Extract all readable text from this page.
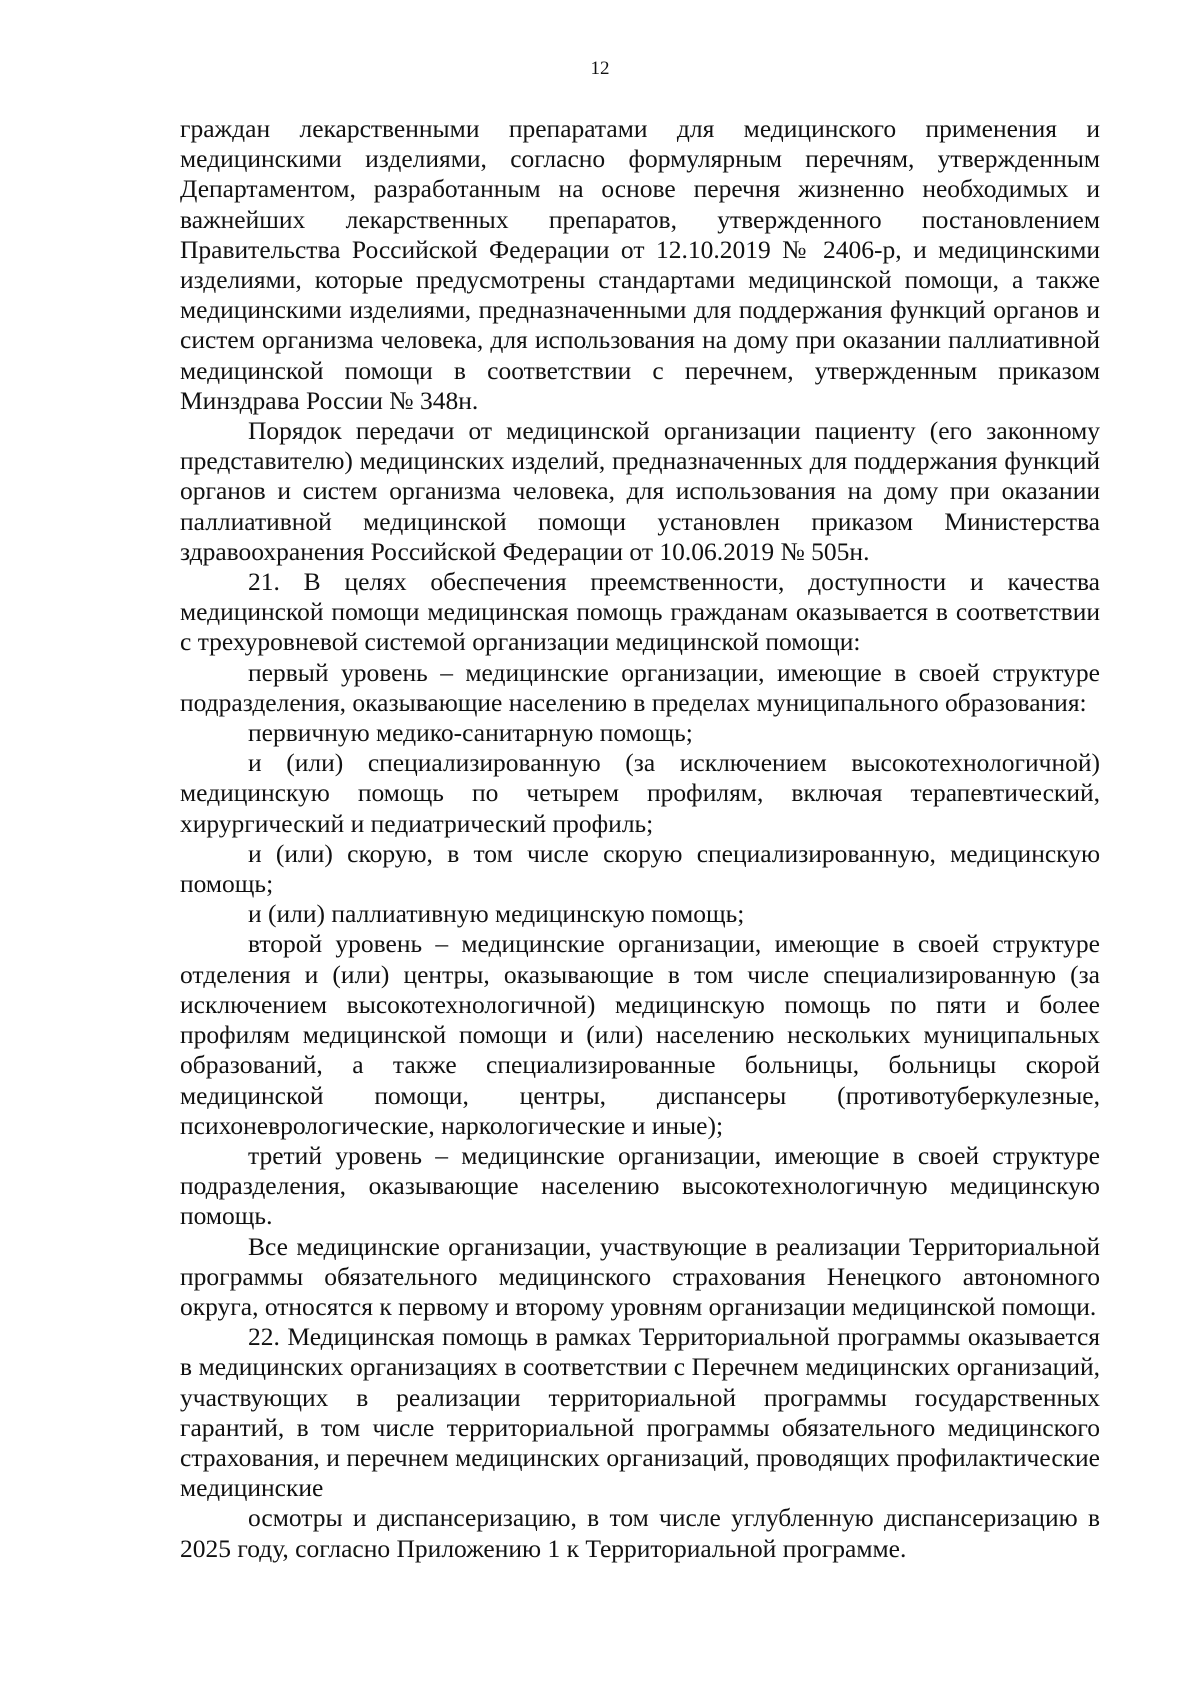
12

граждан лекарственными препаратами для медицинского применения и медицинскими изделиями, согласно формулярным перечням, утвержденным Департаментом, разработанным на основе перечня жизненно необходимых и важнейших лекарственных препаратов, утвержденного постановлением Правительства Российской Федерации от 12.10.2019 № 2406-р, и медицинскими изделиями, которые предусмотрены стандартами медицинской помощи, а также медицинскими изделиями, предназначенными для поддержания функций органов и систем организма человека, для использования на дому при оказании паллиативной медицинской помощи в соответствии с перечнем, утвержденным приказом Минздрава России № 348н.

Порядок передачи от медицинской организации пациенту (его законному представителю) медицинских изделий, предназначенных для поддержания функций органов и систем организма человека, для использования на дому при оказании паллиативной медицинской помощи установлен приказом Министерства здравоохранения Российской Федерации от 10.06.2019 № 505н.

21. В целях обеспечения преемственности, доступности и качества медицинской помощи медицинская помощь гражданам оказывается в соответствии с трехуровневой системой организации медицинской помощи:

первый уровень – медицинские организации, имеющие в своей структуре подразделения, оказывающие населению в пределах муниципального образования:

первичную медико-санитарную помощь;

и (или) специализированную (за исключением высокотехнологичной) медицинскую помощь по четырем профилям, включая терапевтический, хирургический и педиатрический профиль;

и (или) скорую, в том числе скорую специализированную, медицинскую помощь;

и (или) паллиативную медицинскую помощь;

второй уровень – медицинские организации, имеющие в своей структуре отделения и (или) центры, оказывающие в том числе специализированную (за исключением высокотехнологичной) медицинскую помощь по пяти и более профилям медицинской помощи и (или) населению нескольких муниципальных образований, а также специализированные больницы, больницы скорой медицинской помощи, центры, диспансеры (противотуберкулезные, психоневрологические, наркологические и иные);

третий уровень – медицинские организации, имеющие в своей структуре подразделения, оказывающие населению высокотехнологичную медицинскую помощь.

Все медицинские организации, участвующие в реализации Территориальной программы обязательного медицинского страхования Ненецкого автономного округа, относятся к первому и второму уровням организации медицинской помощи.

22. Медицинская помощь в рамках Территориальной программы оказывается в медицинских организациях в соответствии с Перечнем медицинских организаций, участвующих в реализации территориальной программы государственных гарантий, в том числе территориальной программы обязательного медицинского страхования, и перечнем медицинских организаций, проводящих профилактические медицинские

осмотры и диспансеризацию, в том числе углубленную диспансеризацию в 2025 году, согласно Приложению 1 к Территориальной программе.
